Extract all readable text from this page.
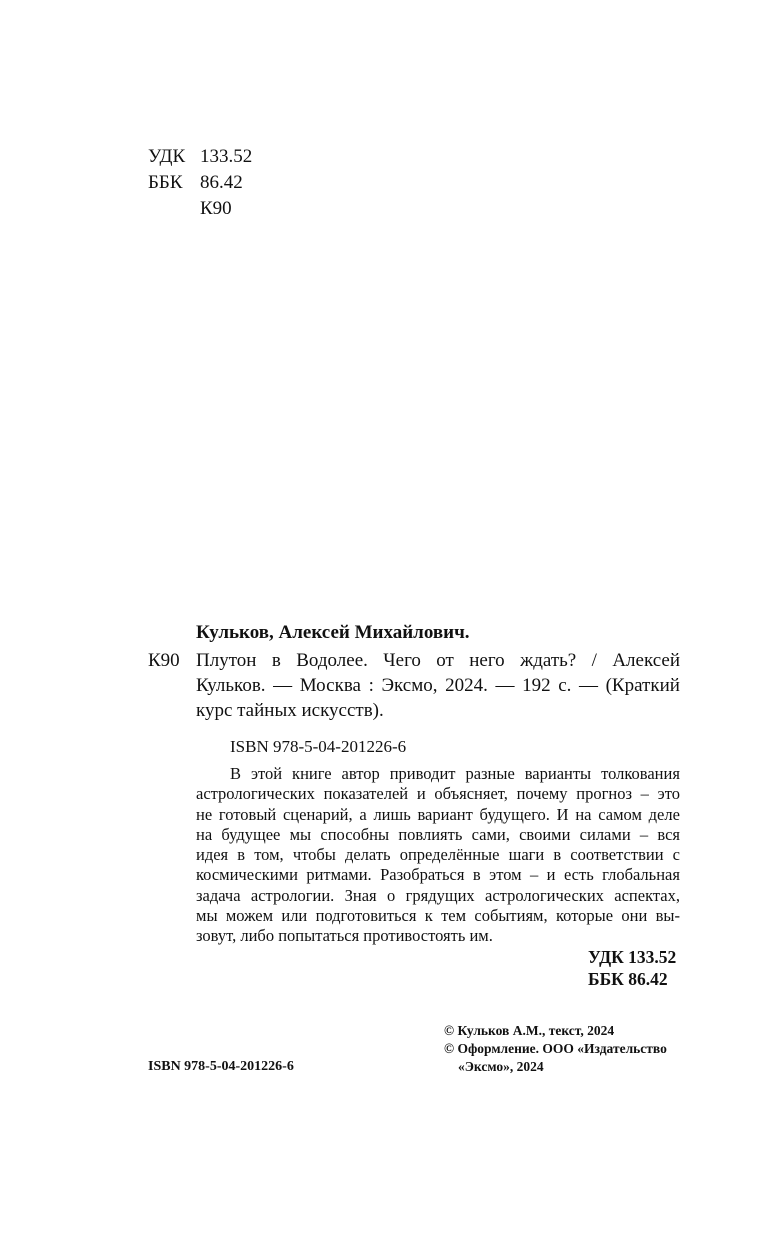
УДК 133.52
ББК 86.42
К90
Кульков, Алексей Михайлович.
К90 Плутон в Водолее. Чего от него ждать? / Алексей
Кульков. — Москва : Эксмо, 2024. — 192 с. — (Краткий
курс тайных искусств).
ISBN 978-5-04-201226-6
В этой книге автор приводит разные варианты толкования
астрологических показателей и объясняет, почему прогноз – это
не готовый сценарий, а лишь вариант будущего. И на самом деле
на будущее мы способны повлиять сами, своими силами – вся
идея в том, чтобы делать определённые шаги в соответствии с
космическими ритмами. Разобраться в этом – и есть глобальная
задача астрологии. Зная о грядущих астрологических аспектах,
мы можем или подготовиться к тем событиям, которые они вы-
зовут, либо попытаться противостоять им.
УДК 133.52
ББК 86.42
© Кульков А.М., текст, 2024
© Оформление. ООО «Издательство
«Эксмо», 2024
ISBN 978-5-04-201226-6
